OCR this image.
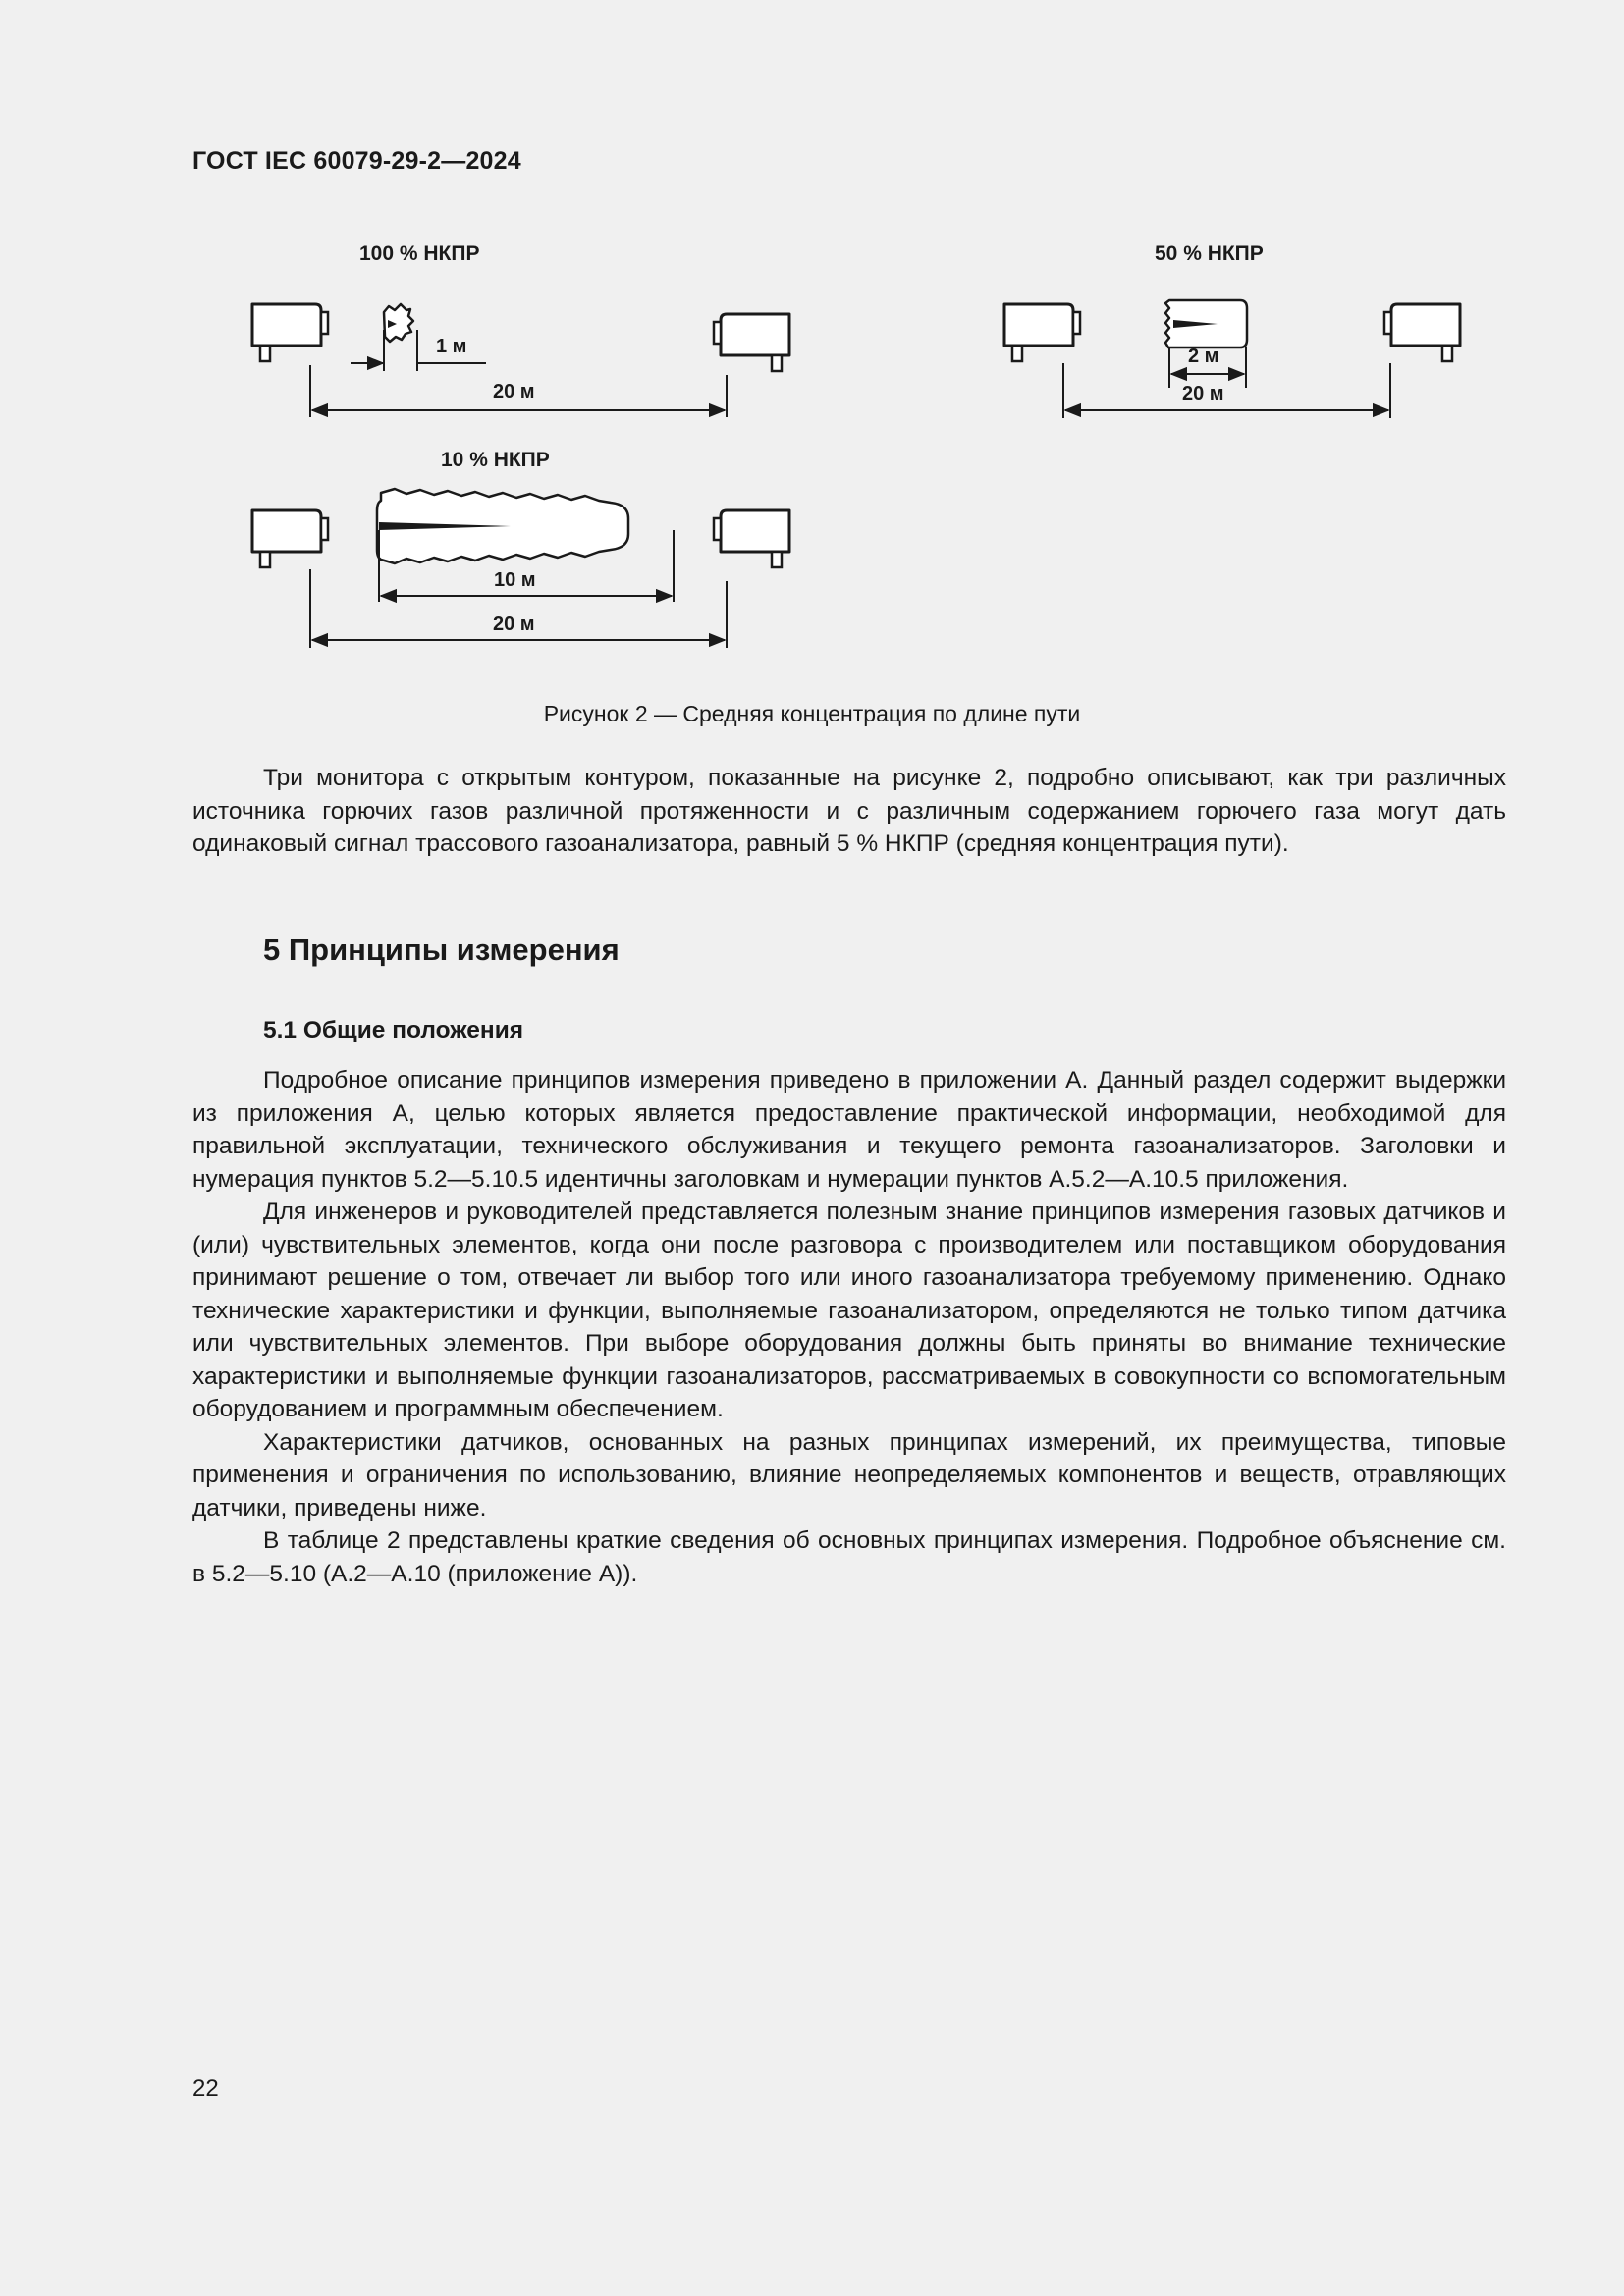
ГОСТ IEC 60079-29-2—2024
100 % НКПР	50 % НКПР
10 % НКПР
1 м
20 м
2 м
20 м
10 м
20 м
Рисунок 2 — Средняя концентрация по длине пути

Три монитора с открытым контуром, показанные на рисунке 2, подробно описывают, как три различных источника горючих газов различной протяженности и с различным содержанием горючего газа могут дать одинаковый сигнал трассового газоанализатора, равный 5 % НКПР (средняя концентрация пути).

5 Принципы измерения
5.1 Общие положения

Подробное описание принципов измерения приведено в приложении А. Данный раздел содержит выдержки из приложения А, целью которых является предоставление практической информации, необходимой для правильной эксплуатации, технического обслуживания и текущего ремонта газоанализаторов. Заголовки и нумерация пунктов 5.2—5.10.5 идентичны заголовкам и нумерации пунктов А.5.2—А.10.5 приложения.

Для инженеров и руководителей представляется полезным знание принципов измерения газовых датчиков и (или) чувствительных элементов, когда они после разговора с производителем или поставщиком оборудования принимают решение о том, отвечает ли выбор того или иного газоанализатора требуемому применению. Однако технические характеристики и функции, выполняемые газоанализатором, определяются не только типом датчика или чувствительных элементов. При выборе оборудования должны быть приняты во внимание технические характеристики и выполняемые функции газоанализаторов, рассматриваемых в совокупности со вспомогательным оборудованием и программным обеспечением.

Характеристики датчиков, основанных на разных принципах измерений, их преимущества, типовые применения и ограничения по использованию, влияние неопределяемых компонентов и веществ, отравляющих датчики, приведены ниже.

В таблице 2 представлены краткие сведения об основных принципах измерения. Подробное объяснение см. в 5.2—5.10 (А.2—А.10 (приложение А)).

22
